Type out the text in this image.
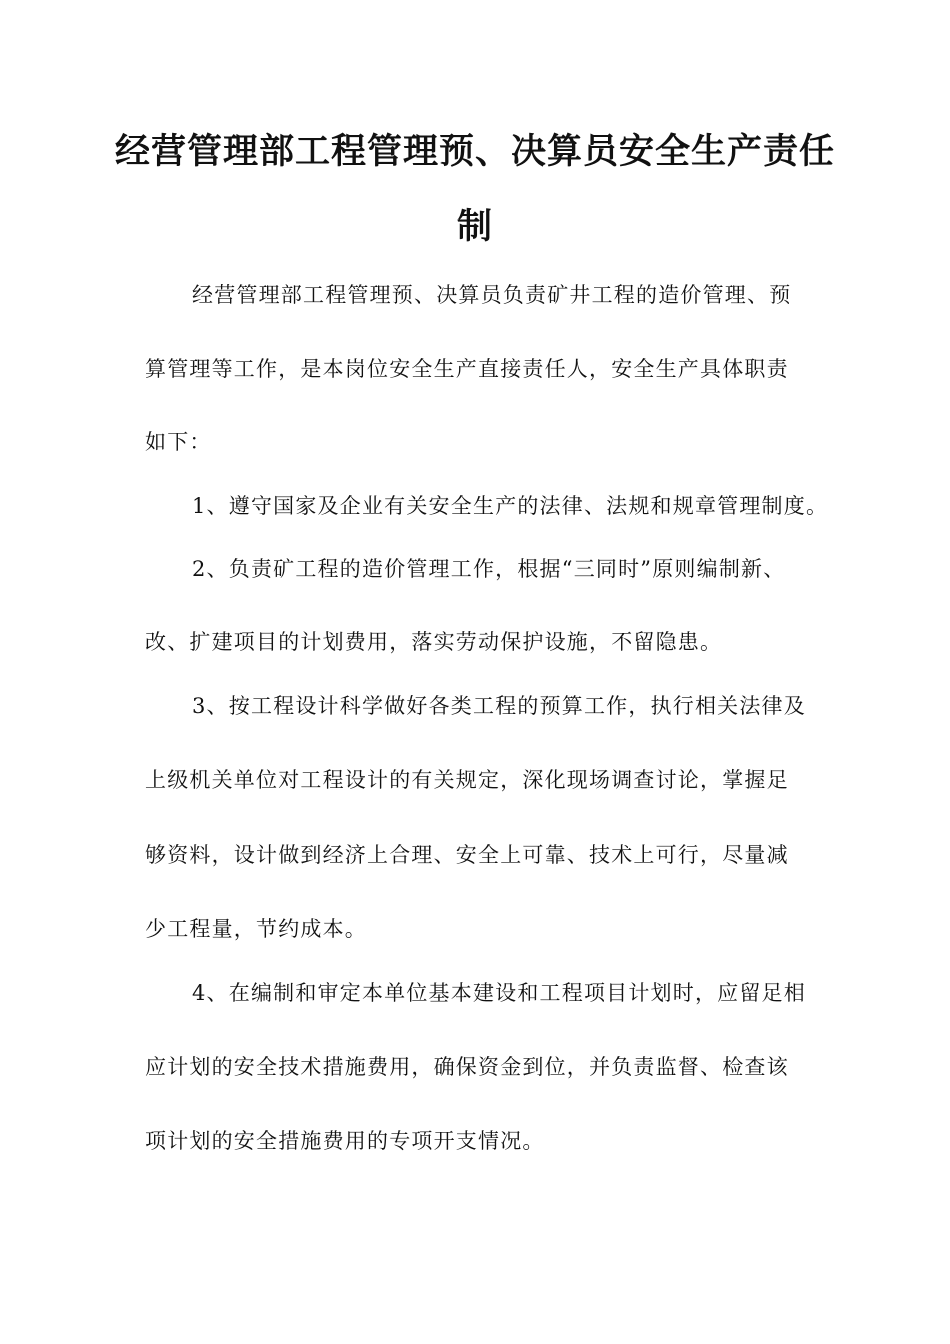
经营管理部工程管理预、决算员安全生产责任
制
经营管理部工程管理预、决算员负责矿井工程的造价管理、预
算管理等工作，是本岗位安全生产直接责任人，安全生产具体职责
如下：
1、遵守国家及企业有关安全生产的法律、法规和规章管理制度。
2、负责矿工程的造价管理工作，根据“三同时”原则编制新、
改、扩建项目的计划费用，落实劳动保护设施，不留隐患。
3、按工程设计科学做好各类工程的预算工作，执行相关法律及
上级机关单位对工程设计的有关规定，深化现场调查讨论，掌握足
够资料，设计做到经济上合理、安全上可靠、技术上可行，尽量减
少工程量，节约成本。
4、在编制和审定本单位基本建设和工程项目计划时，应留足相
应计划的安全技术措施费用，确保资金到位，并负责监督、检查该
项计划的安全措施费用的专项开支情况。
